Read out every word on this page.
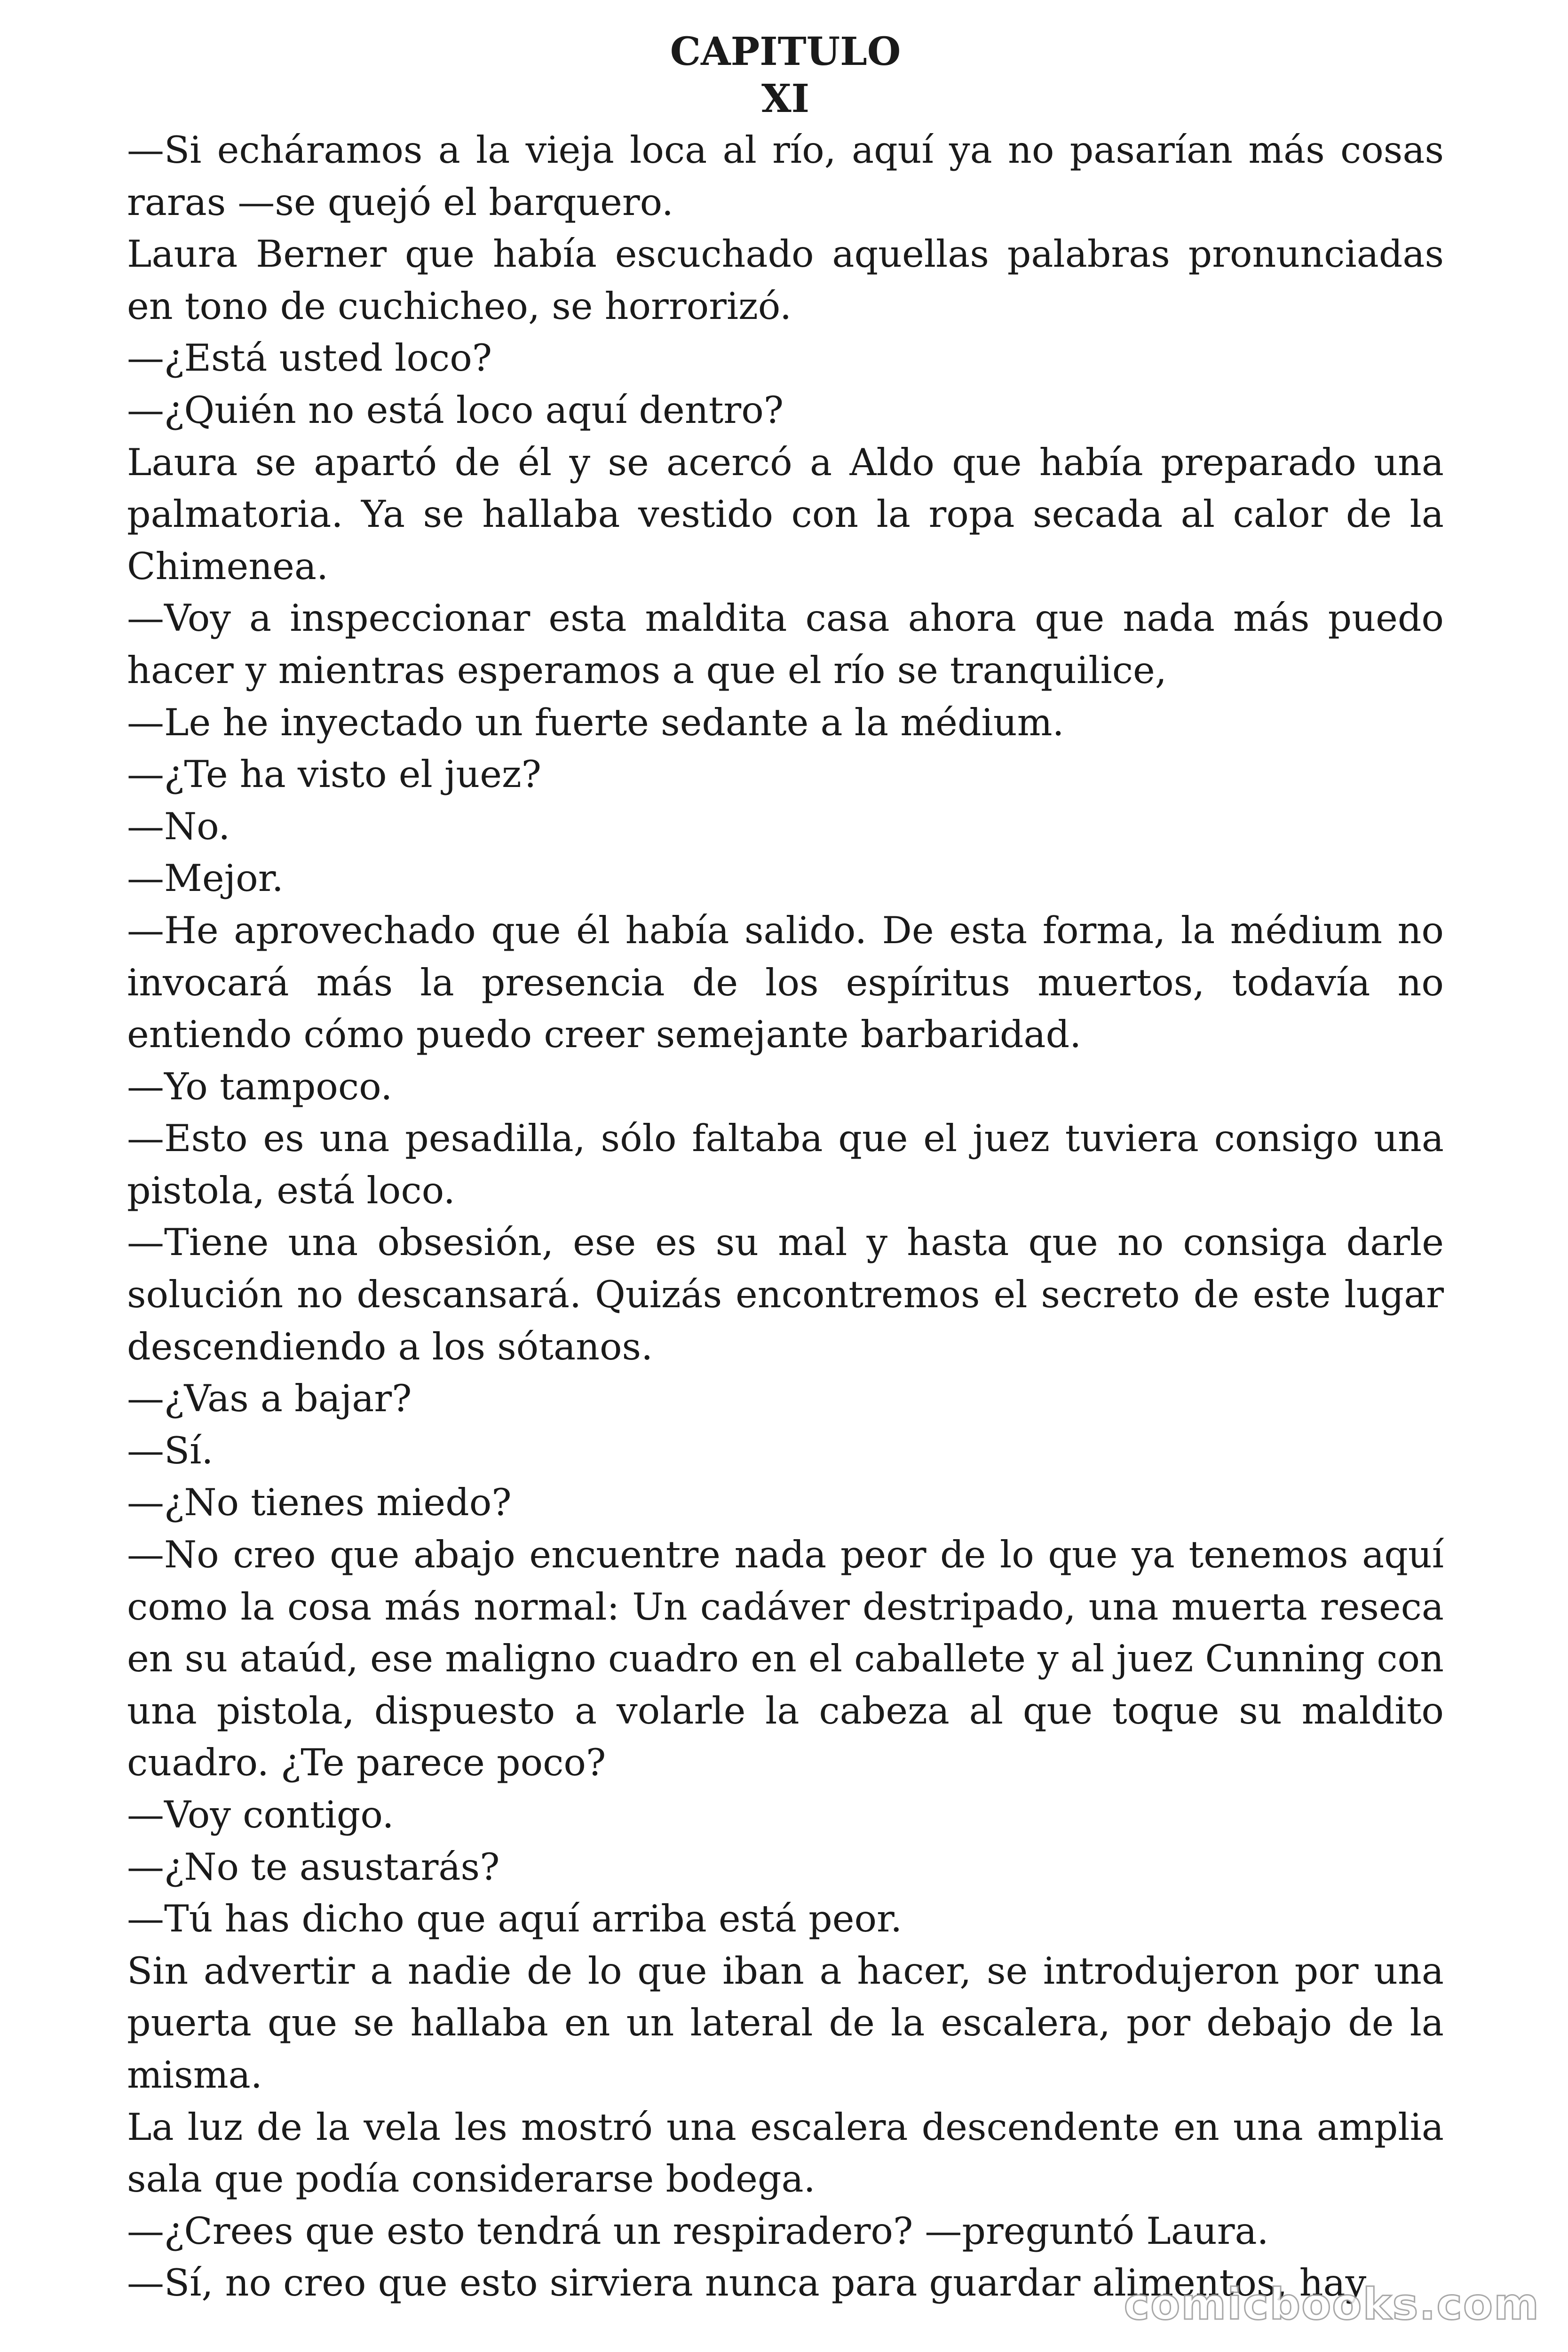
CAPITULO
XI

—Si echáramos a la vieja loca al río, aquí ya no pasarían más cosas raras —se quejó el barquero.

Laura Berner que había escuchado aquellas palabras pronunciadas en tono de cuchicheo, se horrorizó.

—¿Está usted loco?

—¿Quién no está loco aquí dentro?

Laura se apartó de él y se acercó a Aldo que había preparado una palmatoria. Ya se hallaba vestido con la ropa secada al calor de la Chimenea.

—Voy a inspeccionar esta maldita casa ahora que nada más puedo hacer y mientras esperamos a que el río se tranquilice,

—Le he inyectado un fuerte sedante a la médium.

—¿Te ha visto el juez?

—No.

—Mejor.

—He aprovechado que él había salido. De esta forma, la médium no invocará más la presencia de los espíritus muertos, todavía no entiendo cómo puedo creer semejante barbaridad.

—Yo tampoco.

—Esto es una pesadilla, sólo faltaba que el juez tuviera consigo una pistola, está loco.

—Tiene una obsesión, ese es su mal y hasta que no consiga darle solución no descansará. Quizás encontremos el secreto de este lugar descendiendo a los sótanos.

—¿Vas a bajar?

—Sí.

—¿No tienes miedo?

—No creo que abajo encuentre nada peor de lo que ya tenemos aquí como la cosa más normal: Un cadáver destripado, una muerta reseca en su ataúd, ese maligno cuadro en el caballete y al juez Cunning con una pistola, dispuesto a volarle la cabeza al que toque su maldito cuadro. ¿Te parece poco?

—Voy contigo.

—¿No te asustarás?

—Tú has dicho que aquí arriba está peor.

Sin advertir a nadie de lo que iban a hacer, se introdujeron por una puerta que se hallaba en un lateral de la escalera, por debajo de la misma.

La luz de la vela les mostró una escalera descendente en una amplia sala que podía considerarse bodega.

—¿Crees que esto tendrá un respiradero? —preguntó Laura.

—Sí, no creo que esto sirviera nunca para guardar alimentos, hay

comicbooks.com
